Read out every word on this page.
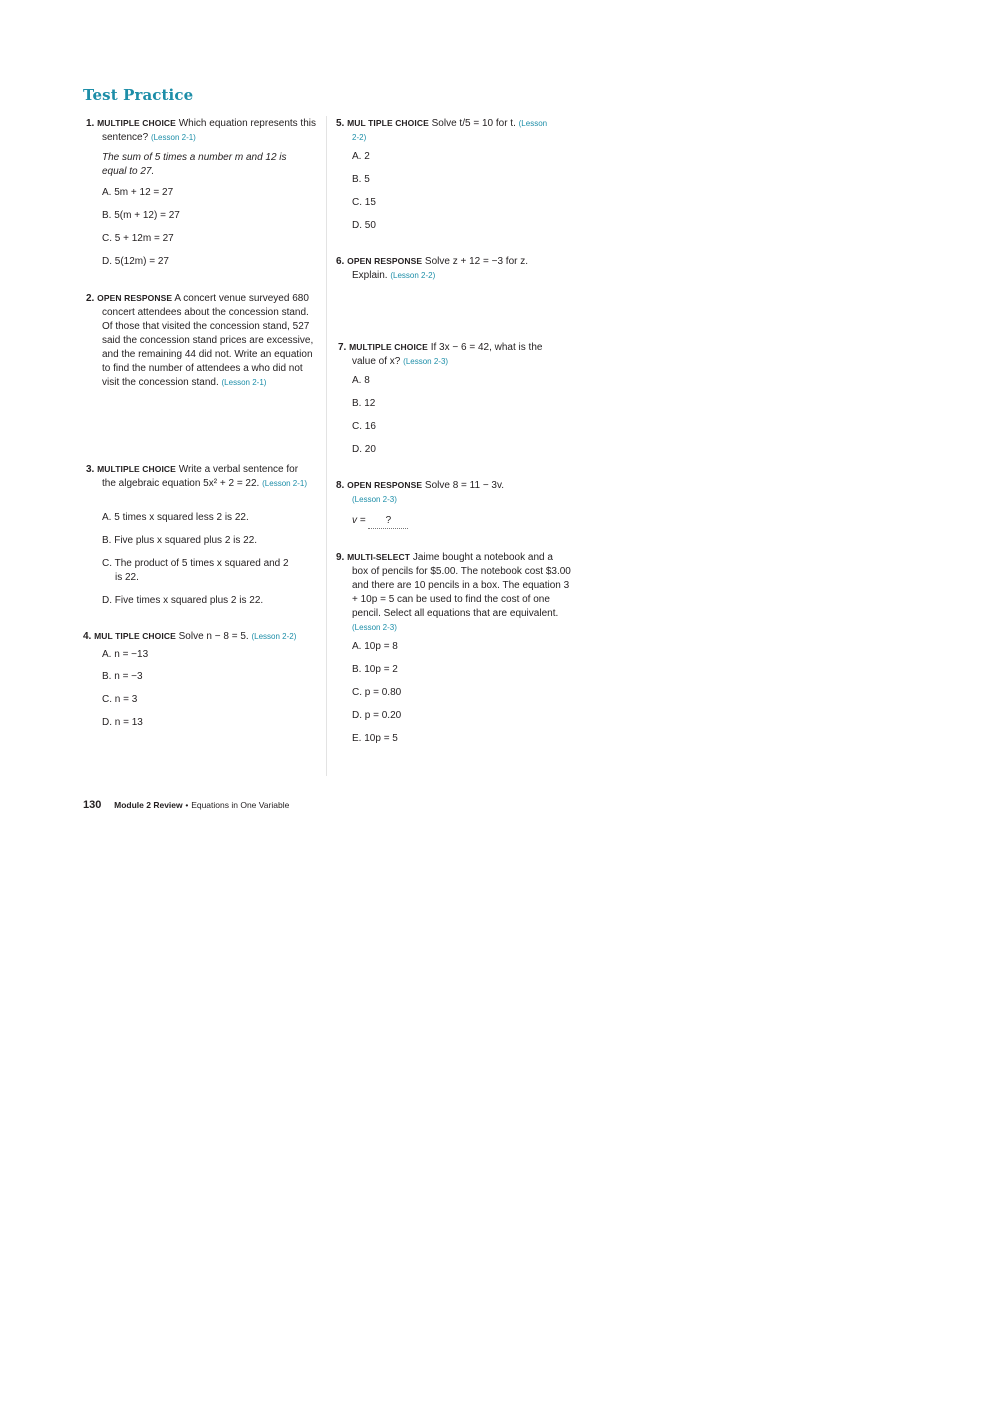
Test Practice
1. MULTIPLE CHOICE Which equation represents this sentence? (Lesson 2-1)
The sum of 5 times a number m and 12 is equal to 27.
A. 5m + 12 = 27
B. 5(m + 12) = 27
C. 5 + 12m = 27
D. 5(12m) = 27
2. OPEN RESPONSE A concert venue surveyed 680 concert attendees about the concession stand. Of those that visited the concession stand, 527 said the concession stand prices are excessive, and the remaining 44 did not. Write an equation to find the number of attendees a who did not visit the concession stand. (Lesson 2-1)
3. MULTIPLE CHOICE Write a verbal sentence for the algebraic equation 5x² + 2 = 22. (Lesson 2-1)
A. 5 times x squared less 2 is 22.
B. Five plus x squared plus 2 is 22.
C. The product of 5 times x squared and 2 is 22.
D. Five times x squared plus 2 is 22.
4. MUL TIPLE CHOICE Solve n − 8 = 5. (Lesson 2-2)
A. n = −13
B. n = −3
C. n = 3
D. n = 13
5. MUL TIPLE CHOICE Solve t/5 = 10 for t. (Lesson 2-2)
A. 2
B. 5
C. 15
D. 50
6. OPEN RESPONSE Solve z + 12 = −3 for z. Explain. (Lesson 2-2)
7. MULTIPLE CHOICE If 3x − 6 = 42, what is the value of x? (Lesson 2-3)
A. 8
B. 12
C. 16
D. 20
8. OPEN RESPONSE Solve 8 = 11 − 3v.
(Lesson 2-3)
v = ?
9. MULTI-SELECT Jaime bought a notebook and a box of pencils for $5.00. The notebook cost $3.00 and there are 10 pencils in a box. The equation 3 + 10p = 5 can be used to find the cost of one pencil. Select all equations that are equivalent. (Lesson 2-3)
A. 10p = 8
B. 10p = 2
C. p = 0.80
D. p = 0.20
E. 10p = 5
130 Module 2 Review • Equations in One Variable
